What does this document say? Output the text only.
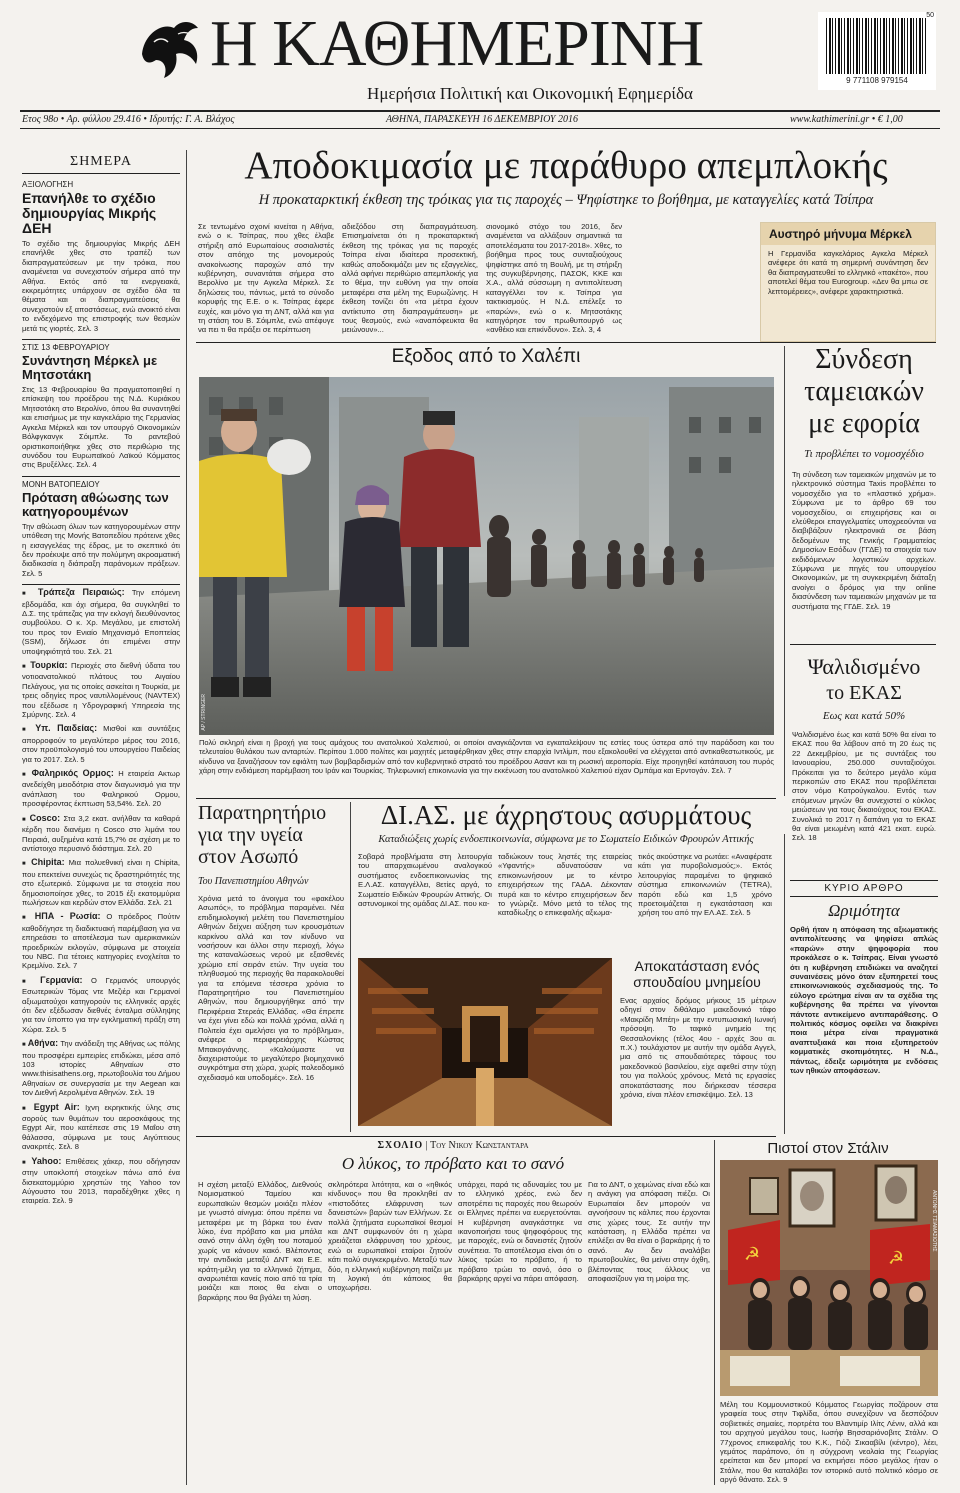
Η ΚΑΘΗΜΕΡΙΝΗ
Ημερήσια Πολιτική και Οικονομική Εφημερίδα
9 771108 979154
50
Ετος 98ο • Αρ. φύλλου 29.416 • Ιδρυτής: Γ. Α. Βλάχος	ΑΘΗΝΑ, ΠΑΡΑΣΚΕΥΗ 16 ΔΕΚΕΜΒΡΙΟΥ 2016	www.kathimerini.gr • € 1,00
ΣΗΜΕΡΑ
ΑΞΙΟΛΟΓΗΣΗ
Επανήλθε το σχέδιο δημιουργίας Μικρής ΔΕΗ
Το σχέδιο της δημιουργίας Μικρής ΔΕΗ επανήλθε χθες στο τραπέζι των διαπραγματεύσεων με την τρόικα, που αναμένεται να συνεχιστούν σήμερα από την Αθήνα. Εκτός από τα ενεργειακά, εκκρεμότητες υπάρχουν σε σχέδιο όλα τα θέματα και οι διαπραγματεύσεις θα συνεχιστούν εξ αποστάσεως, ενώ ανοικτό είναι το ενδεχόμενο της επιστροφής των θεσμών μετά τις γιορτές. Σελ. 3
ΣΤΙΣ 13 ΦΕΒΡΟΥΑΡΙΟΥ
Συνάντηση Μέρκελ με Μητσοτάκη
Στις 13 Φεβρουαρίου θα πραγματοποιηθεί η επίσκεψη του προέδρου της Ν.Δ. Κυριάκου Μητσοτάκη στο Βερολίνο, όπου θα συναντηθεί και επισήμως με την καγκελάριο της Γερμανίας Αγκελα Μέρκελ και τον υπουργό Οικονομικών Βόλφγκανγκ Σόιμπλε. Το ραντεβού οριστικοποιήθηκε χθες στο περιθώριο της συνόδου του Ευρωπαϊκού Λαϊκού Κόμματος στις Βρυξέλλες. Σελ. 4
ΜΟΝΗ ΒΑΤΟΠΕΔΙΟΥ
Πρόταση αθώωσης των κατηγορουμένων
Την αθώωση όλων των κατηγορουμένων στην υπόθεση της Μονής Βατοπεδίου πρότεινε χθες η εισαγγελέας της έδρας, με το σκεπτικό ότι δεν προέκυψε από την πολύμηνη ακροαματική διαδικασία η διάπραξη παράνομων πράξεων. Σελ. 5
■ Τράπεζα Πειραιώς: Την επόμενη εβδομάδα, και όχι σήμερα, θα συγκληθεί το Δ.Σ. της τράπεζας για την εκλογή διευθύνοντος συμβούλου. Ο κ. Χρ. Μεγάλου, με επιστολή του προς τον Ενιαίο Μηχανισμό Εποπτείας (SSM), δήλωσε ότι επιμένει στην υποψηφιότητά του. Σελ. 21
■ Τουρκία: Περιοχές στο διεθνή ύδατα του νοτιοανατολικού πλάτους του Αιγαίου Πελάγους, για τις οποίες ασκείται η Τουρκία, με τρεις οδηγίες προς ναυτιλλομένους (NAVTEX) που εξέδωσε η Υδρογραφική Υπηρεσία της Σμύρνης. Σελ. 4
■ Υπ. Παιδείας: Μισθοί και συντάξεις απορροφούν το μεγαλύτερο μέρος του 2016, στον προϋπολογισμό του υπουργείου Παιδείας για το 2017. Σελ. 5
■ Φαληρικός Ορμος: Η εταιρεία Ακτωρ ανεδείχθη μειοδότρια στον διαγωνισμό για την ανάπλαση του Φαληρικού Ορμου, προσφέροντας έκπτωση 53,54%. Σελ. 20
■ Cosco: Στα 3,2 εκατ. ανήλθαν τα καθαρά κέρδη που διανέμει η Cosco στο λιμάνι του Πειραιά, αυξημένα κατά 15,7% σε σχέση με το αντίστοιχο περυσινό διάστημα. Σελ. 20
■ Chipita: Μια πολυεθνική είναι η Chipita, που επεκτείνει συνεχώς τις δραστηριότητές της στο εξωτερικό. Σύμφωνα με τα στοιχεία που δημοσιοποίησε χθες, το 2015 έξι εκατομμύρια πωλήσεων και κερδών στον Ελλάδα. Σελ. 21
■ ΗΠΑ - Ρωσία: Ο πρόεδρος Πούτιν καθοδήγησε τη διαδικτυακή παρέμβαση για να επηρεάσει το αποτέλεσμα των αμερικανικών προεδρικών εκλογών, σύμφωνα με στοιχεία του NBC. Για τέτοιες κατηγορίες ενοχλείται το Κρεμλίνο. Σελ. 7
■ Γερμανία: Ο Γερμανός υπουργός Εσωτερικών Τόμας ντε Μεζιέρ και Γερμανοί αξιωματούχοι κατηγορούν τις ελληνικές αρχές ότι δεν εξέδωσαν διεθνές ένταλμα σύλληψης για τον ύποπτο για την εγκληματική πράξη στη Χώρα. Σελ. 5
■ Αθήνα: Την ανάδειξη της Αθήνας ως πόλης που προσφέρει εμπειρίες επιδιώκει, μέσα από 103 ιστορίες Αθηναίων στο www.thisisathens.org, πρωτοβουλία του Δήμου Αθηναίων σε συνεργασία με την Aegean και τον Διεθνή Αερολιμένα Αθηνών. Σελ. 19
■ Egypt Air: Ιχνη εκρηκτικής ύλης στις σορούς των θυμάτων του αεροσκάφους της Egypt Air, που κατέπεσε στις 19 Μαΐου στη θάλασσα, σύμφωνα με τους Αιγύπτιους ανακριτές. Σελ. 8
■ Yahoo: Επιθέσεις χάκερ, που οδήγησαν στην υποκλοπή στοιχείων πάνω από ένα δισεκατομμύριο χρηστών της Yahoo τον Αύγουστο του 2013, παραδέχθηκε χθες η εταιρεία. Σελ. 9
Αποδοκιμασία με παράθυρο απεμπλοκής
Η προκαταρκτική έκθεση της τρόικας για τις παροχές – Ψηφίστηκε το βοήθημα, με καταγγελίες κατά Τσίπρα
Σε τεντωμένο σχοινί κινείται η Αθήνα, ενώ ο κ. Τσίπρας, που χθες έλαβε στήριξη από Ευρωπαίους σοσιαλιστές στον απόηχο της μονομερούς ανακοίνωσης παροχών από την κυβέρνηση, συναντάται σήμερα στο Βερολίνο με την Αγκελα Μέρκελ. Σε δηλώσεις του, πάντως, μετά το σύνοδο κορυφής της Ε.Ε. ο κ. Τσίπρας έφερε ευχές, και μόνο για τη ΔΝΤ, αλλά και για τη στάση του Β. Σόιμπλε, ενώ απέφυγε να πει τι θα πράξει σε περίπτωση
αδιεξόδου στη διαπραγμάτευση. Επισημαίνεται ότι η προκαταρκτική έκθεση της τρόικας για τις παροχές Τσίπρα είναι ιδιαίτερα προσεκτική, καθώς αποδοκιμάζει μεν τις εξαγγελίες, αλλά αφήνει περιθώριο απεμπλοκής για το θέμα, την ευθύνη για την οποία μεταφέρει στα μέλη της Ευρωζώνης. Η έκθεση τονίζει ότι «τα μέτρα έχουν αντίκτυπο στη διαπραγμάτευση» με τους θεσμούς, ενώ «αναπόφευκτα θα μειώνουν»...
σιονομικό στόχο του 2016, δεν αναμένεται να αλλάξουν σημαντικά τα αποτελέσματα του 2017-2018». Χθες, το βοήθημα προς τους συνταξιούχους ψηφίστηκε από τη Βουλή, με τη στήριξη της συγκυβέρνησης, ΠΑΣΟΚ, ΚΚΕ και Χ.Α., αλλά σύσσωμη η αντιπολίτευση καταγγέλλει τον κ. Τσίπρα για τακτικισμούς. Η Ν.Δ. επέλεξε το «παρών», ενώ ο κ. Μητσοτάκης κατηγόρησε τον πρωθυπουργό ως «ανθέκο και επικίνδυνο». Σελ. 3, 4
Αυστηρό μήνυμα Μέρκελ
Η Γερμανίδα καγκελάριος Αγκελα Μέρκελ ανέφερε ότι κατά τη σημερινή συνάντηση δεν θα διαπραγματευθεί το ελληνικό «πακέτο», που αποτελεί θέμα του Eurogroup. «Δεν θα μπω σε λεπτομέρειες», ανέφερε χαρακτηριστικά.
Εξοδος από το Χαλέπι
AP / STRINGER
Πολύ σκληρή είναι η βροχή για τους αμάχους του ανατολικού Χαλεπιού, οι οποίοι αναγκάζονται να εγκαταλείψουν τις εστίες τους ύστερα από την παράδοση και του τελευταίου θυλάκου των ανταρτών. Περίπου 1.000 πολίτες και μαχητές μεταφέρθηκαν χθες στην επαρχία Ιντλίμπ, που εξακολουθεί να ελέγχεται από αντικαθεστωτικούς, με κίνδυνο να ξαναζήσουν τον εφιάλτη των βομβαρδισμών από τον κυβερνητικό στρατό του προέδρου Ασαντ και τη ρωσική αεροπορία. Είχε προηγηθεί κατάπαυση του πυρός χάρη στην ενδιάμεση παρέμβαση του Ιράν και Τουρκίας. Τηλεφωνική επικοινωνία για την εκκένωση του ανατολικού Χαλεπιού είχαν Ομπάμα και Ερντογάν. Σελ. 7
Σύνδεση ταμειακών με εφορία
Τι προβλέπει το νομοσχέδιο
Τη σύνδεση των ταμειακών μηχανών με το ηλεκτρονικό σύστημα Taxis προβλέπει το νομοσχέδιο για το «πλαστικό χρήμα». Σύμφωνα με το άρθρο 69 του νομοσχεδίου, οι επιχειρήσεις και οι ελεύθεροι επαγγελματίες υποχρεούνται να διαβιβάζουν ηλεκτρονικά σε βάση δεδομένων της Γενικής Γραμματείας Δημοσίων Εσόδων (ΓΓΔΕ) τα στοιχεία των εκδιδόμενων λογιστικών αρχείων. Σύμφωνα με πηγές του υπουργείου Οικονομικών, με τη συγκεκριμένη διάταξη ανοίγει ο δρόμος για την online διασύνδεση των ταμειακών μηχανών με τα συστήματα της ΓΓΔΕ. Σελ. 19
Ψαλιδισμένο
το ΕΚΑΣ
Εως και κατά 50%
Ψαλιδισμένο έως και κατά 50% θα είναι το ΕΚΑΣ που θα λάβουν από τη 20 έως τις 22 Δεκεμβρίου, με τις συντάξεις του Ιανουαρίου, 250.000 συνταξιούχοι. Πρόκειται για το δεύτερο μεγάλο κύμα περικοπών στο ΕΚΑΣ που προβλέπεται στον νόμο Κατρούγκαλου. Εντός των επόμενων μηνών θα συνεχιστεί ο κύκλος μειώσεων για τους δικαιούχους του ΕΚΑΣ. Συνολικά το 2017 η δαπάνη για το ΕΚΑΣ θα είναι μειωμένη κατά 421 εκατ. ευρώ. Σελ. 18
Παρατηρητήριο για την υγεία στον Ασωπό
Του Πανεπιστημίου Αθηνών
Χρόνια μετά το άνοιγμα του «φακέλου Ασωπός», το πρόβλημα παραμένει. Νέα επιδημιολογική μελέτη του Πανεπιστημίου Αθηνών δείχνει αύξηση των κρουσμάτων καρκίνου αλλά και τον κίνδυνο να νοσήσουν και άλλοι στην περιοχή, λόγω της καταναλώσεως νερού με εξασθενές χρώμιο επί σειράν ετών. Την υγεία του πληθυσμού της περιοχής θα παρακολουθεί για τα επόμενα τέσσερα χρόνια το Παρατηρητήριο του Πανεπιστημίου Αθηνών, που δημιουργήθηκε από την Περιφέρεια Στερεάς Ελλάδας. «Θα έπρεπε να έχει γίνει εδώ και πολλά χρόνια, αλλά η Πολιτεία έχει αμελήσει για το πρόβλημα», ανέφερε ο περιφερειάρχης Κώστας Μπακογιάννης. «Καλούμαστε να διαχειριστούμε το μεγαλύτερο βιομηχανικό συγκρότημα στη χώρα, χωρίς πολεοδομικό σχεδιασμό και υποδομές». Σελ. 16
ΔΙ.ΑΣ. με άχρηστους ασυρμάτους
Καταδιώξεις χωρίς ενδοεπικοινωνία, σύμφωνα με το Σωματείο Ειδικών Φρουρών Αττικής
Σοβαρά προβλήματα στη λειτουργία του απαρχαιωμένου αναλογικού συστήματος ενδοεπικοινωνίας της Ε.Λ.ΑΣ. καταγγέλλει, 8ετίες αργά, το Σωματείο Ειδικών Φρουρών Αττικής. Οι αστυνομικοί της ομάδας ΔΙ.ΑΣ. που κα-
ταδιώκουν τους ληστές της εταιρείας «Υφαντής» αδυνατούσαν να επικοινωνήσουν με το κέντρο επιχειρήσεων της ΓΑΔΑ. Δέκονταν πυρά και το κέντρο επιχειρήσεων δεν το γνώριζε. Μόνο μετά το τέλος της καταδίωξης ο επικεφαλής αξιωμα-
τικός ακούστηκε να ρωτάει: «Αναφέρατε κάτι για πυροβολισμούς;». Εκτός λειτουργίας παραμένει το ψηφιακό σύστημα επικοινωνιών (TETRA), παρότι εδώ και 1,5 χρόνο προετοιμάζεται η εγκατάσταση και χρήση του από την ΕΛ.ΑΣ. Σελ. 5
ΚΥΡΙΟ ΑΡΘΡΟ
Ωριμότητα
Ορθή ήταν η απόφαση της αξιωματικής αντιπολίτευσης να ψηφίσει απλώς «παρών» στην ψηφοφορία που προκάλεσε ο κ. Τσίπρας. Είναι γνωστό ότι η κυβέρνηση επιδιώκει να αναζητεί συναινέσεις μόνο όταν εξυπηρετεί τους επικοινωνιακούς σχεδιασμούς της. Το εύλογο ερώτημα είναι αν τα σχέδια της κυβέρνησης θα πρέπει να γίνονται πάντοτε αντικείμενο αντιπαράθεσης. Ο πολιτικός κόσμος οφείλει να διακρίνει ποια μέτρα είναι πραγματικά αναπτυξιακά και ποια εξυπηρετούν κομματικές σκοπιμότητες. Η Ν.Δ., πάντως, έδειξε ωριμότητα με ενδόσεις των ηθικών αποφάσεων.
Αποκατάσταση ενός σπουδαίου μνημείου
Ενας αρχαίος δρόμος μήκους 15 μέτρων οδηγεί στον διθάλαμο μακεδονικό τάφο «Μακρίδη Μπέη» με την εντυπωσιακή Ιωνική πρόσοψη. Το ταφικό μνημείο της Θεσσαλονίκης (τέλος 4ου - αρχές 3ου αι. π.Χ.) τουλάχιστον με αυτήν την ομάδα Αγγελ, μια από τις σπουδαιότερες τάφους του μακεδονικού βασιλείου, είχε αφεθεί στην τύχη του για πολλούς χρόνους. Μετά τις εργασίες αποκατάστασης που διήρκεσαν τέσσερα χρόνια, είναι πλέον επισκέψιμο. Σελ. 13
ΣΧΟΛΙΟ | Του Νίκου Κωνσταντάρα
Ο λύκος, το πρόβατο και το σανό
Η σχέση μεταξύ Ελλάδος, Διεθνούς Νομισματικού Ταμείου και ευρωπαϊκών θεσμών μοιάζει πλέον με γνωστό αίνιγμα: όπου πρέπει να μεταφέρει με τη βάρκα του έναν λύκο, ένα πρόβατο και μια μπάλα σανό στην άλλη όχθη του ποταμού χωρίς να κάνουν κακό. Βλέποντας την αντιδικία μεταξύ ΔΝΤ και Ε.Ε. κράτη-μέλη για το ελληνικό ζήτημα, αναρωτιέται κανείς ποιο από τα τρία μοιάζει και ποιος θα είναι ο βαρκάρης που θα βγάλει τη λύση.
σκληρότερα λιτότητα, και ο «ηθικός κίνδυνος» που θα προκληθεί αν «πιστοδότες ελάφρυνση των δανειστών» βαρών των Ελλήνων. Σε πολλά ζητήματα ευρωπαϊκοί θεσμοί και ΔΝΤ συμφωνούν ότι η χώρα χρειάζεται ελάφρυνση του χρέους, ενώ οι ευρωπαϊκοί εταίροι ζητούν κάτι πολύ συγκεκριμένο. Μεταξύ των δύο, η ελληνική κυβέρνηση παίζει με τη λογική ότι κάποιος θα υποχωρήσει.
υπάρχει, παρά τις αδυναμίες του με το ελληνικό χρέος, ενώ δεν αποτρέπει τις παροχές που θεωρούν οι Ελληνες πρέπει να ευεργετούνται. Η κυβέρνηση αναγκάστηκε να ικανοποιήσει τους ψηφοφόρους της με παροχές, ενώ οι δανειστές ζητούν συνέπεια. Το αποτέλεσμα είναι ότι ο λύκος τρώει το πρόβατο, ή το πρόβατο τρώει το σανό, όσο ο βαρκάρης αργεί να πάρει απόφαση.
Για το ΔΝΤ, ο χειμώνας είναι εδώ και η ανάγκη για απόφαση πιέζει. Οι Ευρωπαίοι δεν μπορούν να αγνοήσουν τις κάλπες που έρχονται στις χώρες τους. Σε αυτήν την κατάσταση, η Ελλάδα πρέπει να επιλέξει αν θα είναι ο βαρκάρης ή το σανό. Αν δεν αναλάβει πρωτοβουλίες, θα μείνει στην όχθη, βλέποντας τους άλλους να αποφασίζουν για τη μοίρα της.
Πιστοί στον Στάλιν
☭	☭
ΑΝΤΩΝΗΣ ΤΣΙΑΜΑΣΙΩΤΗΣ
Μέλη του Κομμουνιστικού Κόμματος Γεωργίας ποζάρουν στα γραφεία τους στην Τιφλίδα, όπου συνεχίζουν να δεσπόζουν σοβιετικές σημαίες, πορτρέτα του Βλαντιμίρ Ιλίτς Λένιν, αλλά και του αρχηγού μεγάλου τους, Ιωσήφ Βησσαριόνοβιτς Στάλιν. Ο 77χρονος επικεφαλής του Κ.Κ., Γιόζι Σικααβίλι (κέντρο), λέει, γεμάτος παράπονο, ότι η σύγχρονη νεολαία της Γεωργίας ερείπεται και δεν μπορεί να εκτιμήσει πόσο μεγάλος ήταν ο Στάλιν, που θα καταλάβει τον ιστορικό αυτό πολιτικό κόσμο σε αργό θάνατο. Σελ. 9
